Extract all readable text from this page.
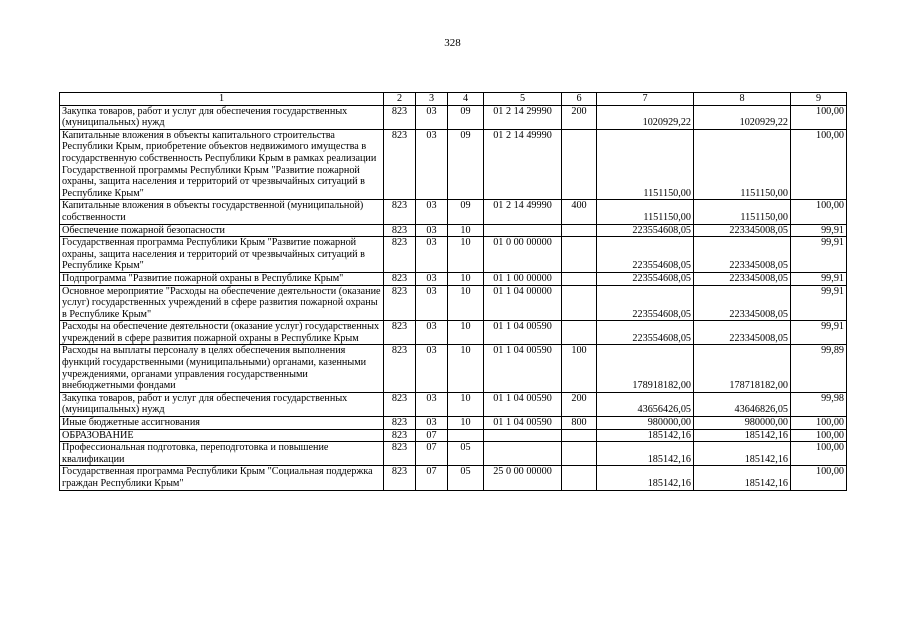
328
1	2	3	4	5	6	7	8	9
Закупка товаров, работ и услуг для обеспечения государственных (муниципальных) нужд	823	03	09	01 2 14 29990	200	1020929,22	1020929,22	100,00
Капитальные вложения в объекты капитального строительства Республики Крым, приобретение объектов недвижимого имущества в государственную собственность Республики Крым в рамках реализации Государственной программы Республики Крым "Развитие пожарной охраны, защита населения и территорий от чрезвычайных ситуаций в Республике Крым"	823	03	09	01 2 14 49990		1151150,00	1151150,00	100,00
Капитальные вложения в объекты государственной (муниципальной) собственности	823	03	09	01 2 14 49990	400	1151150,00	1151150,00	100,00
Обеспечение пожарной безопасности	823	03	10			223554608,05	223345008,05	99,91
Государственная программа Республики Крым "Развитие пожарной охраны, защита населения и территорий от чрезвычайных ситуаций в Республике Крым"	823	03	10	01 0 00 00000		223554608,05	223345008,05	99,91
Подпрограмма "Развитие пожарной охраны в Республике Крым"	823	03	10	01 1 00 00000		223554608,05	223345008,05	99,91
Основное мероприятие "Расходы на обеспечение деятельности (оказание услуг) государственных учреждений в сфере развития пожарной охраны в Республике Крым"	823	03	10	01 1 04 00000		223554608,05	223345008,05	99,91
Расходы на обеспечение деятельности (оказание услуг) государственных учреждений в сфере развития пожарной охраны в Республике Крым	823	03	10	01 1 04 00590		223554608,05	223345008,05	99,91
Расходы на выплаты персоналу в целях обеспечения выполнения функций государственными (муниципальными) органами, казенными учреждениями, органами управления государственными внебюджетными фондами	823	03	10	01 1 04 00590	100	178918182,00	178718182,00	99,89
Закупка товаров, работ и услуг для обеспечения государственных (муниципальных) нужд	823	03	10	01 1 04 00590	200	43656426,05	43646826,05	99,98
Иные бюджетные ассигнования	823	03	10	01 1 04 00590	800	980000,00	980000,00	100,00
ОБРАЗОВАНИЕ	823	07				185142,16	185142,16	100,00
Профессиональная подготовка, переподготовка и повышение квалификации	823	07	05			185142,16	185142,16	100,00
Государственная программа Республики Крым "Социальная поддержка граждан Республики Крым"	823	07	05	25 0 00 00000		185142,16	185142,16	100,00
